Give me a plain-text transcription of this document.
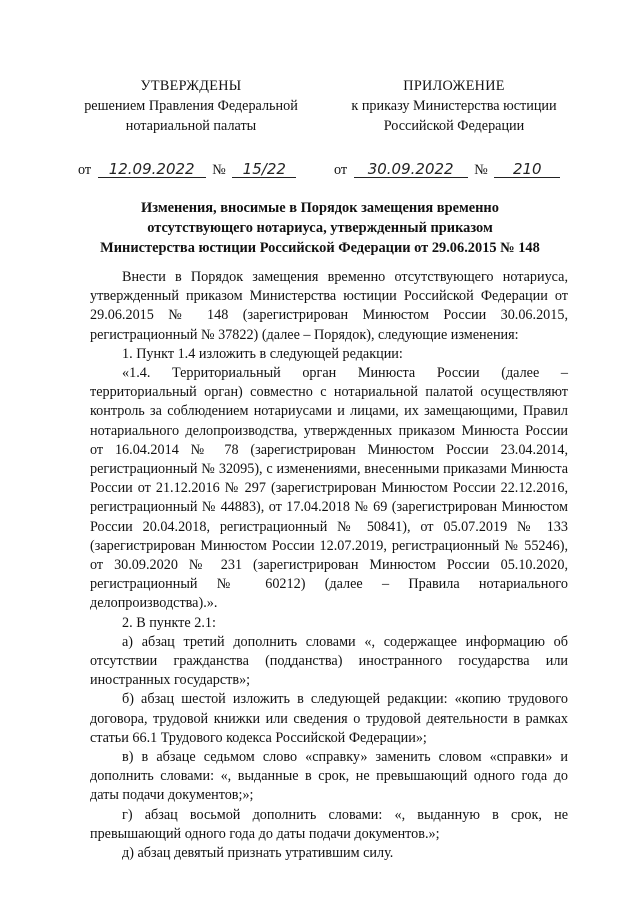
УТВЕРЖДЕНЫ
решением Правления Федеральной
нотариальной палаты
ПРИЛОЖЕНИЕ
к приказу Министерства юстиции
Российской Федерации
от 12.09.2022 № 15/22	от 30.09.2022 № 210
Изменения, вносимые в Порядок замещения временно
отсутствующего нотариуса, утвержденный приказом
Министерства юстиции Российской Федерации от 29.06.2015 № 148

Внести в Порядок замещения временно отсутствующего нотариуса, утвержденный приказом Министерства юстиции Российской Федерации от 29.06.2015 № 148 (зарегистрирован Минюстом России 30.06.2015, регистрационный № 37822) (далее – Порядок), следующие изменения:

1. Пункт 1.4 изложить в следующей редакции:

«1.4. Территориальный орган Минюста России (далее – территориальный орган) совместно с нотариальной палатой осуществляют контроль за соблюдением нотариусами и лицами, их замещающими, Правил нотариального делопроизводства, утвержденных приказом Минюста России от 16.04.2014 № 78 (зарегистрирован Минюстом России 23.04.2014, регистрационный № 32095), с изменениями, внесенными приказами Минюста России от 21.12.2016 № 297 (зарегистрирован Минюстом России 22.12.2016, регистрационный № 44883), от 17.04.2018 № 69 (зарегистрирован Минюстом России 20.04.2018, регистрационный № 50841), от 05.07.2019 № 133 (зарегистрирован Минюстом России 12.07.2019, регистрационный № 55246), от 30.09.2020 № 231 (зарегистрирован Минюстом России 05.10.2020, регистрационный № 60212) (далее – Правила нотариального делопроизводства).».

2. В пункте 2.1:

а) абзац третий дополнить словами «, содержащее информацию об отсутствии гражданства (подданства) иностранного государства или иностранных государств»;

б) абзац шестой изложить в следующей редакции: «копию трудового договора, трудовой книжки или сведения о трудовой деятельности в рамках статьи 66.1 Трудового кодекса Российской Федерации»;

в) в абзаце седьмом слово «справку» заменить словом «справки» и дополнить словами: «, выданные в срок, не превышающий одного года до даты подачи документов;»;

г) абзац восьмой дополнить словами: «, выданную в срок, не превышающий одного года до даты подачи документов.»;

д) абзац девятый признать утратившим силу.
